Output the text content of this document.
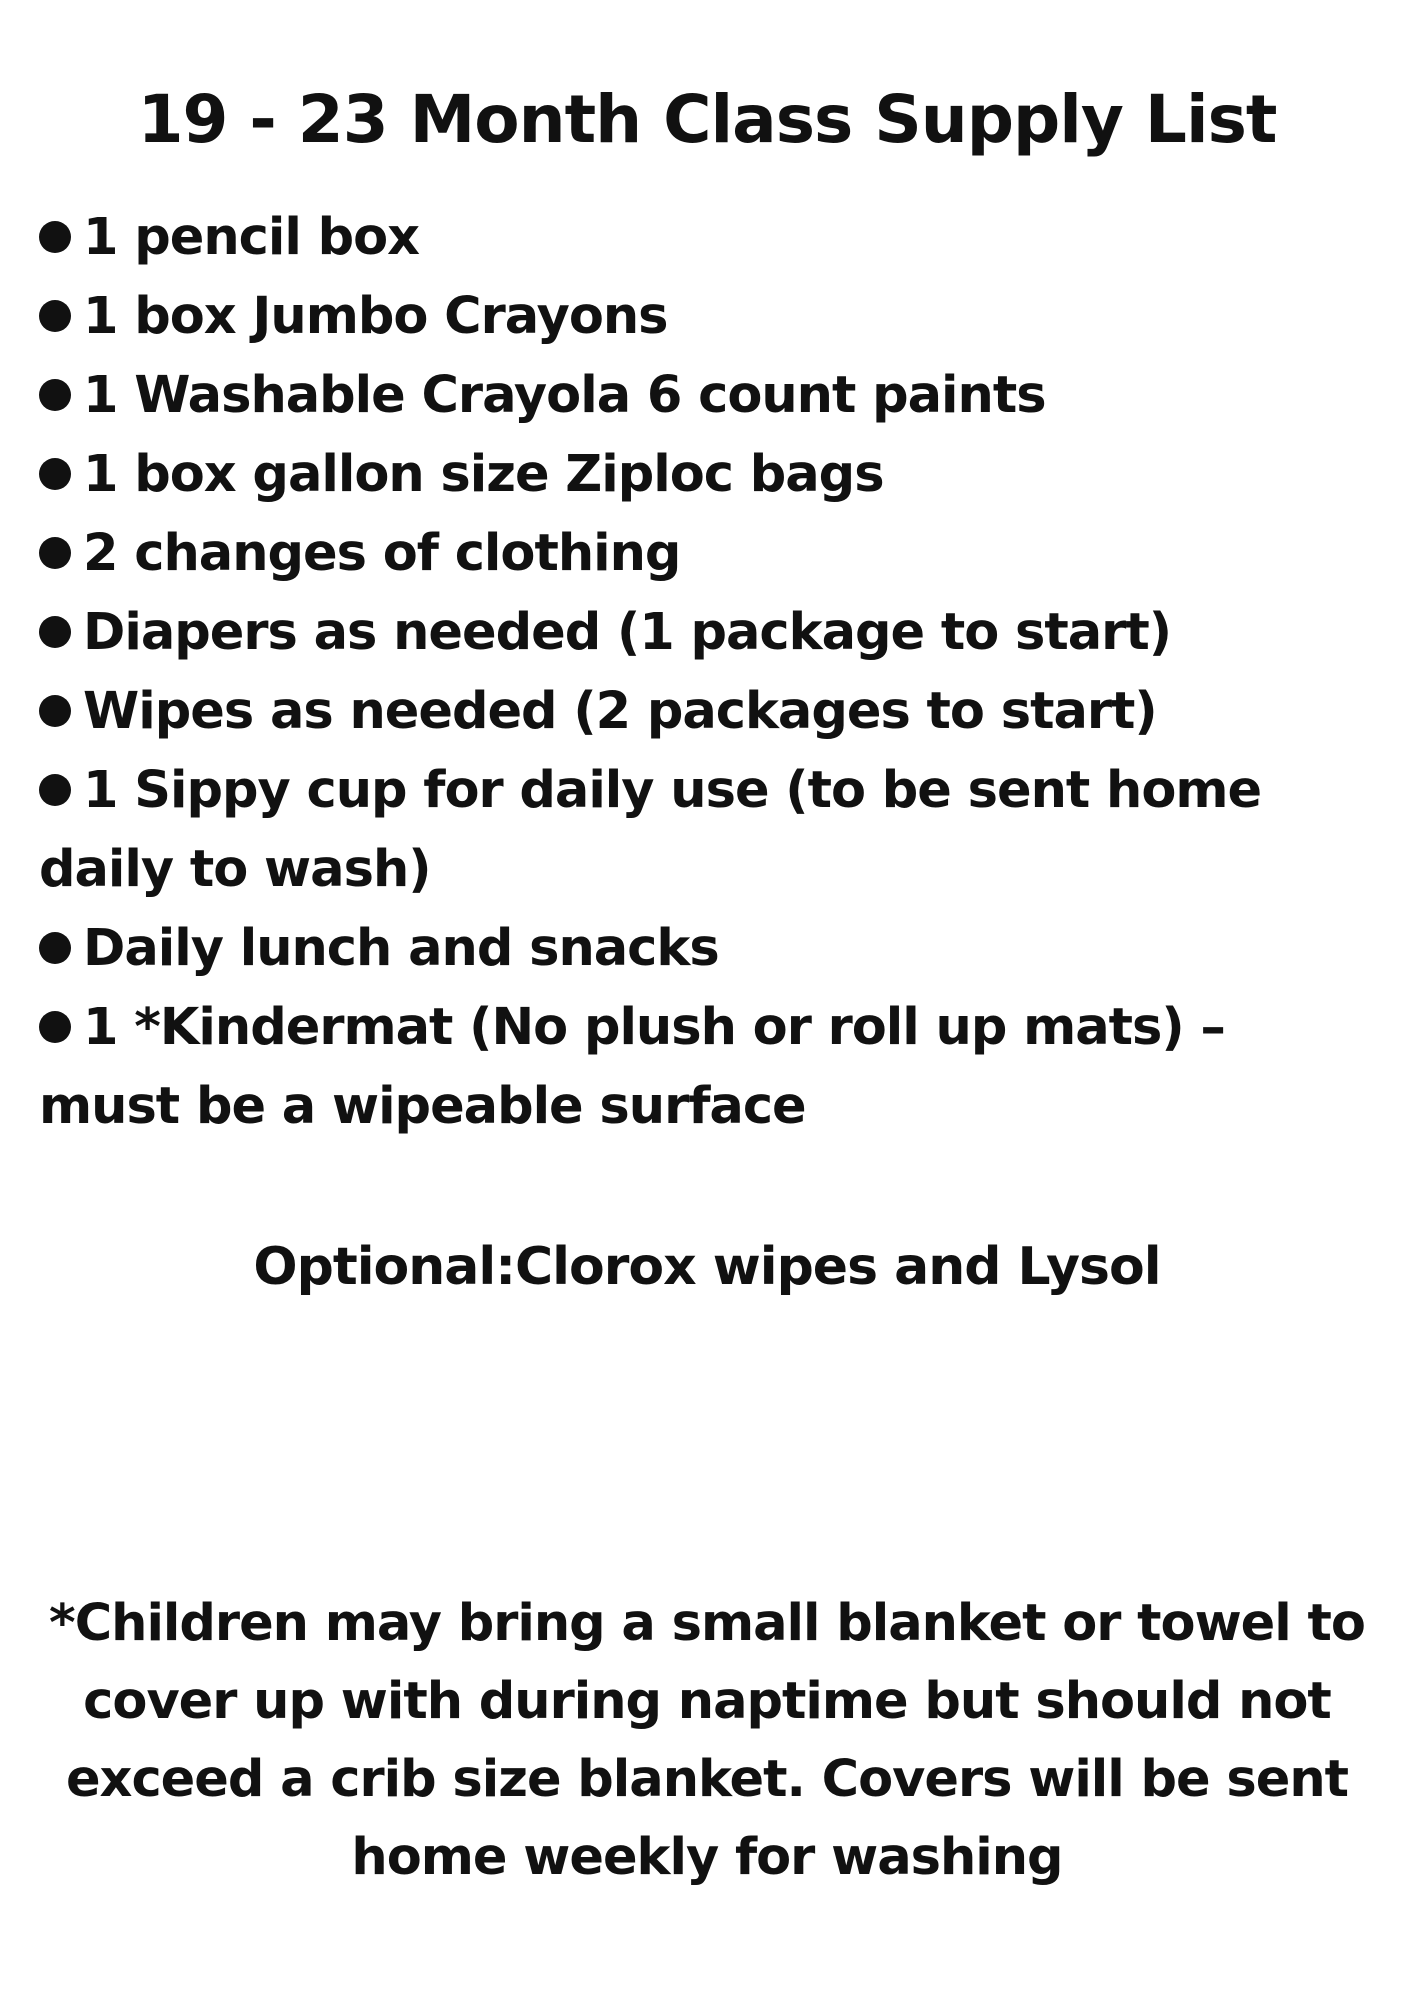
19 - 23 Month Class Supply List
1 pencil box
1 box Jumbo Crayons
1 Washable Crayola 6 count paints
1 box gallon size Ziploc bags
2 changes of clothing
Diapers as needed (1 package to start)
Wipes as needed (2 packages to start)
1 Sippy cup for daily use (to be sent home
daily to wash)
Daily lunch and snacks
1 *Kindermat (No plush or roll up mats) –
must be a wipeable surface
Optional:Clorox wipes and Lysol
*Children may bring a small blanket or towel to
cover up with during naptime but should not
exceed a crib size blanket. Covers will be sent
home weekly for washing
